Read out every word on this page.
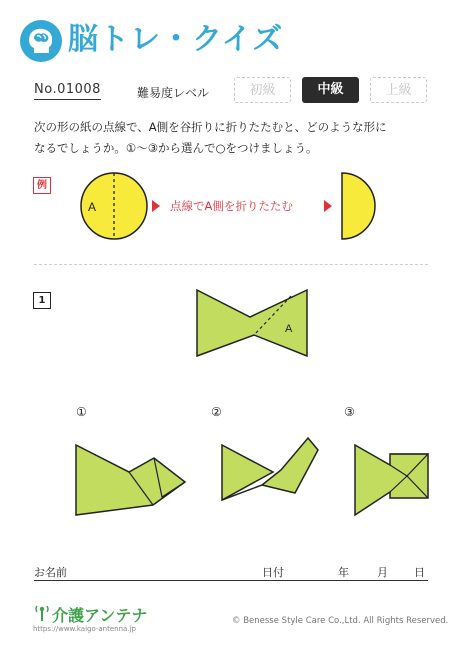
脳トレ・クイズ
No.01008	難易度レベル	初級	中級	上級
次の形の紙の点線で、A側を谷折りに折りたたむと、どのような形に
なるでしょうか。①～③から選んで○をつけましょう。
例
A	点線でA側を折りたたむ
1
A
①	②	③
お名前	日付	年	月 日
介護アンテナ
https://www.kaigo-antenna.jp
© Benesse Style Care Co.,Ltd. All Rights Reserved.
